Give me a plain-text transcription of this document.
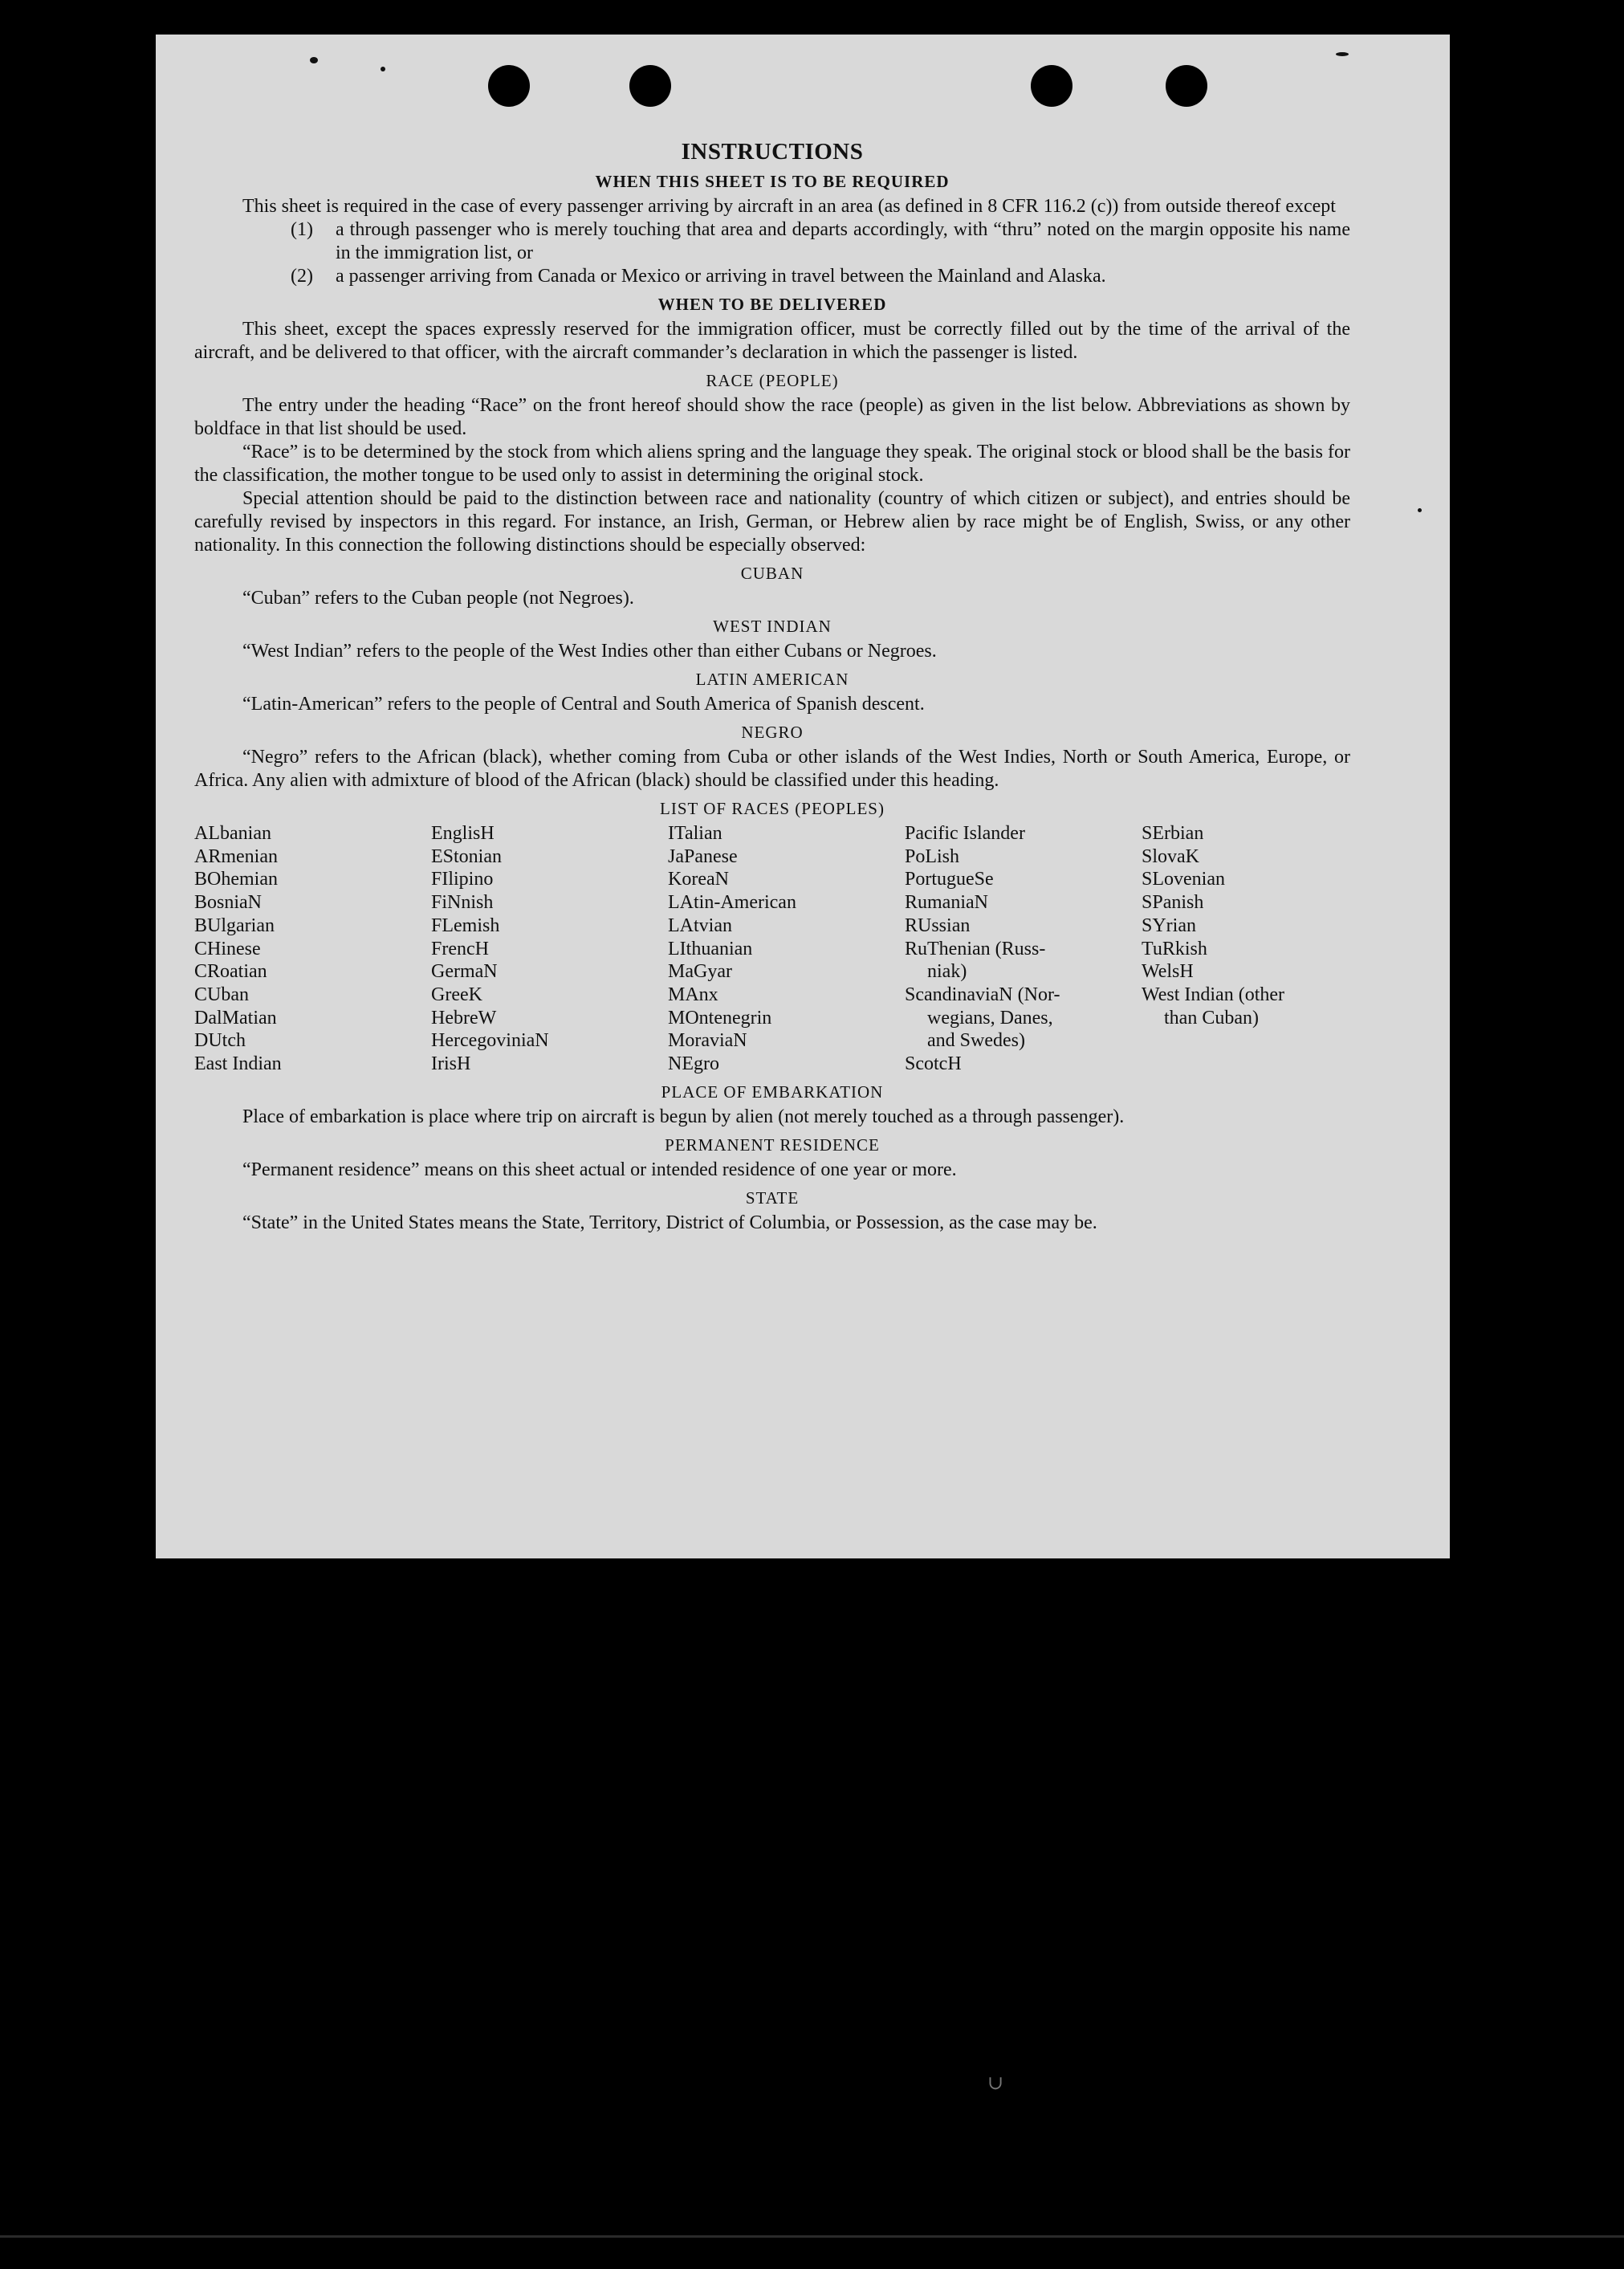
INSTRUCTIONS
WHEN THIS SHEET IS TO BE REQUIRED

This sheet is required in the case of every passenger arriving by aircraft in an area (as defined in 8 CFR 116.2 (c)) from outside thereof except

(1)	a through passenger who is merely touching that area and departs accordingly, with “thru” noted on the margin opposite his name in the immigration list, or
(2)	a passenger arriving from Canada or Mexico or arriving in travel between the Mainland and Alaska.
WHEN TO BE DELIVERED

This sheet, except the spaces expressly reserved for the immigration officer, must be correctly filled out by the time of the arrival of the aircraft, and be delivered to that officer, with the aircraft commander’s declaration in which the passenger is listed.

RACE (PEOPLE)

The entry under the heading “Race” on the front hereof should show the race (people) as given in the list below. Abbreviations as shown by boldface in that list should be used.

“Race” is to be determined by the stock from which aliens spring and the language they speak. The original stock or blood shall be the basis for the classification, the mother tongue to be used only to assist in determining the original stock.

Special attention should be paid to the distinction between race and nationality (country of which citizen or subject), and entries should be carefully revised by inspectors in this regard. For instance, an Irish, German, or Hebrew alien by race might be of English, Swiss, or any other nationality. In this connection the following distinctions should be especially observed:

CUBAN

“Cuban” refers to the Cuban people (not Negroes).

WEST INDIAN

“West Indian” refers to the people of the West Indies other than either Cubans or Negroes.

LATIN AMERICAN

“Latin-American” refers to the people of Central and South America of Spanish descent.

NEGRO

“Negro” refers to the African (black), whether coming from Cuba or other islands of the West Indies, North or South America, Europe, or Africa. Any alien with admixture of blood of the African (black) should be classified under this heading.

LIST OF RACES (PEOPLES)
ALbanian
ARmenian
BOhemian
BosniaN
BUlgarian
CHinese
CRoatian
CUban
DalMatian
DUtch
East Indian
EnglisH
EStonian
FIlipino
FiNnish
FLemish
FrencH
GermaN
GreeK
HebreW
HercegoviniaN
IrisH
ITalian
JaPanese
KoreaN
LAtin-American
LAtvian
LIthuanian
MaGyar
MAnx
MOntenegrin
MoraviaN
NEgro
Pacific Islander
PoLish
PortugueSe
RumaniaN
RUssian
RuThenian (Russ-
niak)
ScandinaviaN (Nor-
wegians, Danes,
and Swedes)
ScotcH
SErbian
SlovaK
SLovenian
SPanish
SYrian
TuRkish
WelsH
West Indian (other
than Cuban)
PLACE OF EMBARKATION

Place of embarkation is place where trip on aircraft is begun by alien (not merely touched as a through passenger).

PERMANENT RESIDENCE

“Permanent residence” means on this sheet actual or intended residence of one year or more.

STATE

“State” in the United States means the State, Territory, District of Columbia, or Possession, as the case may be.

∪
